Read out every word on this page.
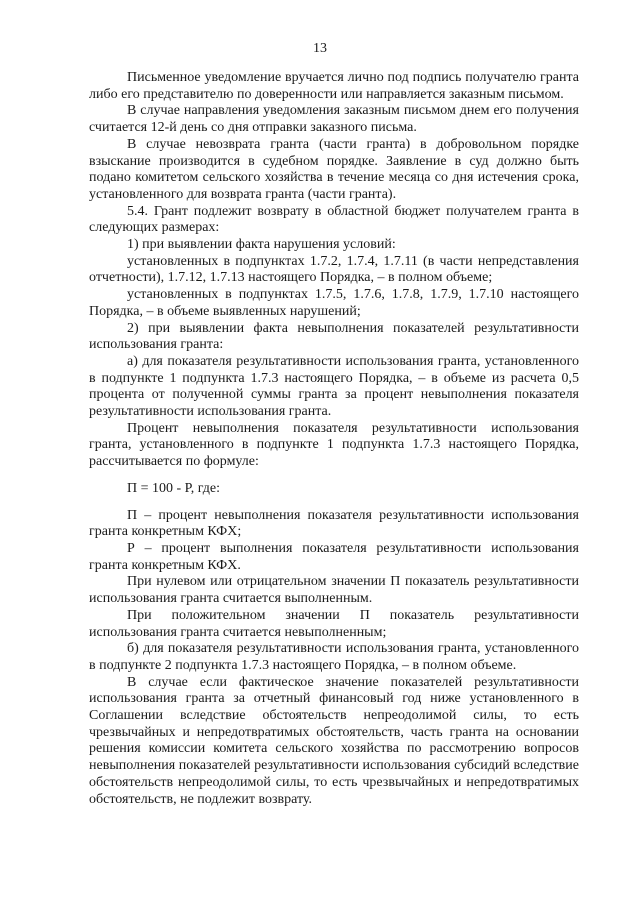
13

Письменное уведомление вручается лично под подпись получателю гранта либо его представителю по доверенности или направляется заказным письмом.

В случае направления уведомления заказным письмом днем его получения считается 12-й день со дня отправки заказного письма.

В случае невозврата гранта (части гранта) в добровольном порядке взыскание производится в судебном порядке. Заявление в суд должно быть подано комитетом сельского хозяйства в течение месяца со дня истечения срока, установленного для возврата гранта (части гранта).

5.4. Грант подлежит возврату в областной бюджет получателем гранта в следующих размерах:

1) при выявлении факта нарушения условий:

установленных в подпунктах 1.7.2, 1.7.4, 1.7.11 (в части непредставления отчетности), 1.7.12, 1.7.13 настоящего Порядка, – в полном объеме;

установленных в подпунктах 1.7.5, 1.7.6, 1.7.8, 1.7.9, 1.7.10 настоящего Порядка, – в объеме выявленных нарушений;

2) при выявлении факта невыполнения показателей результативности использования гранта:

а) для показателя результативности использования гранта, установленного в подпункте 1 подпункта 1.7.3 настоящего Порядка, – в объеме из расчета 0,5 процента от полученной суммы гранта за процент невыполнения показателя результативности использования гранта.

Процент невыполнения показателя результативности использования гранта, установленного в подпункте 1 подпункта 1.7.3 настоящего Порядка, рассчитывается по формуле:

П = 100 - Р, где:

П – процент невыполнения показателя результативности использования гранта конкретным КФХ;

Р – процент выполнения показателя результативности использования гранта конкретным КФХ.

При нулевом или отрицательном значении П показатель результативности использования гранта считается выполненным.

При положительном значении П показатель результативности использования гранта считается невыполненным;

б) для показателя результативности использования гранта, установленного в подпункте 2 подпункта 1.7.3 настоящего Порядка, – в полном объеме.

В случае если фактическое значение показателей результативности использования гранта за отчетный финансовый год ниже установленного в Соглашении вследствие обстоятельств непреодолимой силы, то есть чрезвычайных и непредотвратимых обстоятельств, часть гранта на основании решения комиссии комитета сельского хозяйства по рассмотрению вопросов невыполнения показателей результативности использования субсидий вследствие обстоятельств непреодолимой силы, то есть чрезвычайных и непредотвратимых обстоятельств, не подлежит возврату.
